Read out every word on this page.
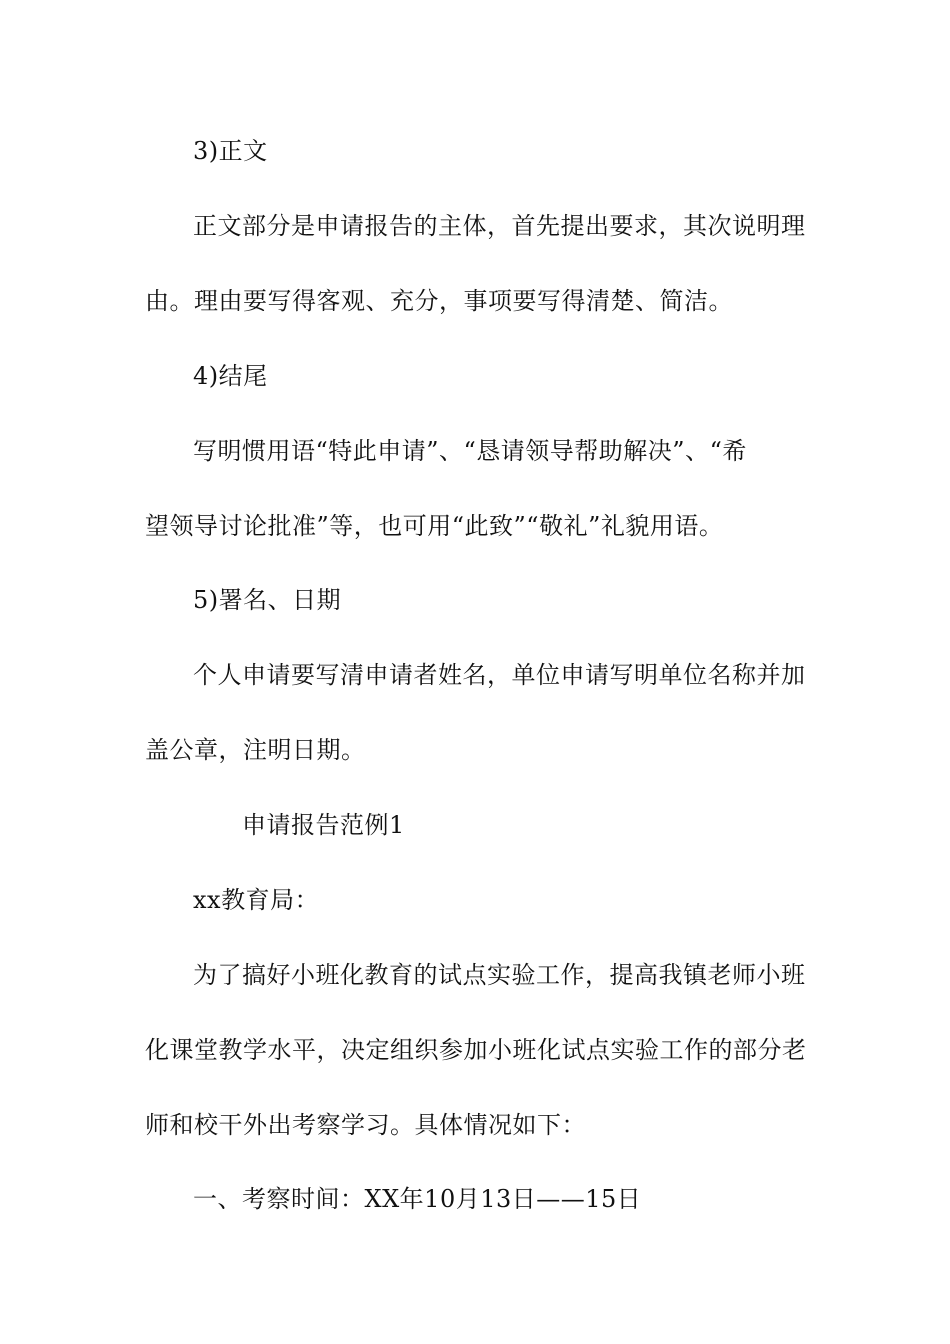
3)正文
正文部分是申请报告的主体，首先提出要求，其次说明理
由。理由要写得客观、充分，事项要写得清楚、简洁。
4)结尾
写明惯用语“特此申请”、“恳请领导帮助解决”、“希
望领导讨论批准”等，也可用“此致”“敬礼”礼貌用语。
5)署名、日期
个人申请要写清申请者姓名，单位申请写明单位名称并加
盖公章，注明日期。
申请报告范例1
xx教育局：
为了搞好小班化教育的试点实验工作，提高我镇老师小班
化课堂教学水平，决定组织参加小班化试点实验工作的部分老
师和校干外出考察学习。具体情况如下：
一、考察时间：XX年10月13日——15日
